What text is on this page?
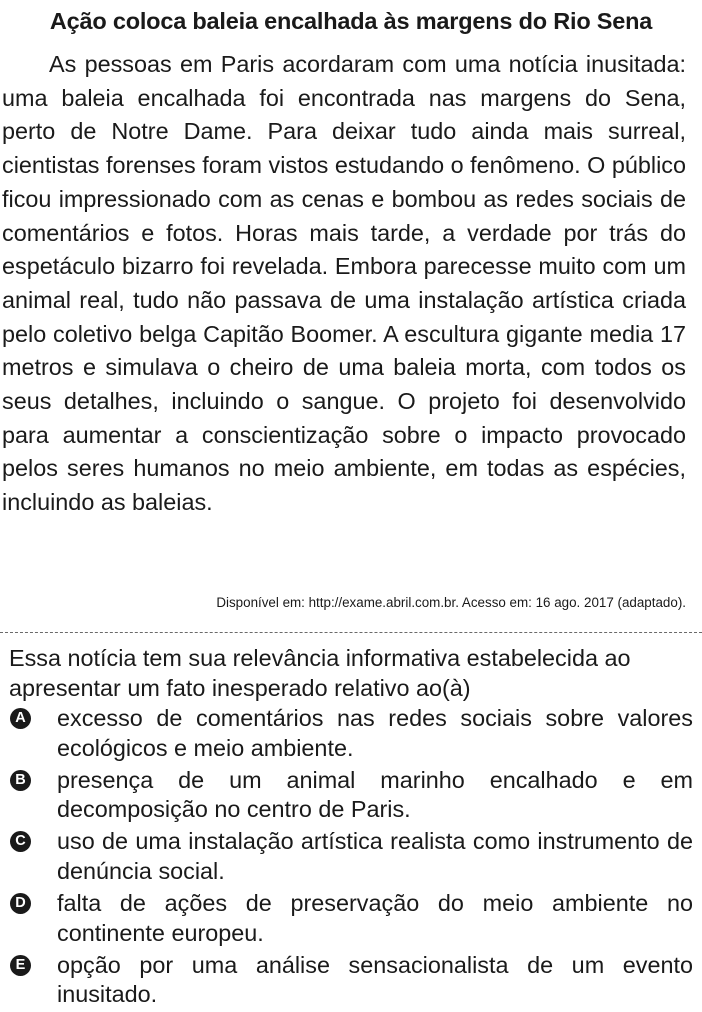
Ação coloca baleia encalhada às margens do Rio Sena

As pessoas em Paris acordaram com uma notícia inusitada: uma baleia encalhada foi encontrada nas margens do Sena, perto de Notre Dame. Para deixar tudo ainda mais surreal, cientistas forenses foram vistos estudando o fenômeno. O público ficou impressionado com as cenas e bombou as redes sociais de comentários e fotos. Horas mais tarde, a verdade por trás do espetáculo bizarro foi revelada. Embora parecesse muito com um animal real, tudo não passava de uma instalação artística criada pelo coletivo belga Capitão Boomer. A escultura gigante media 17 metros e simulava o cheiro de uma baleia morta, com todos os seus detalhes, incluindo o sangue. O projeto foi desenvolvido para aumentar a conscientização sobre o impacto provocado pelos seres humanos no meio ambiente, em todas as espécies, incluindo as baleias.

Disponível em: http://exame.abril.com.br. Acesso em: 16 ago. 2017 (adaptado).

Essa notícia tem sua relevância informativa estabelecida ao apresentar um fato inesperado relativo ao(à)

A excesso de comentários nas redes sociais sobre valores ecológicos e meio ambiente.

B presença de um animal marinho encalhado e em decomposição no centro de Paris.

C uso de uma instalação artística realista como instrumento de denúncia social.

D falta de ações de preservação do meio ambiente no continente europeu.

E opção por uma análise sensacionalista de um evento inusitado.
